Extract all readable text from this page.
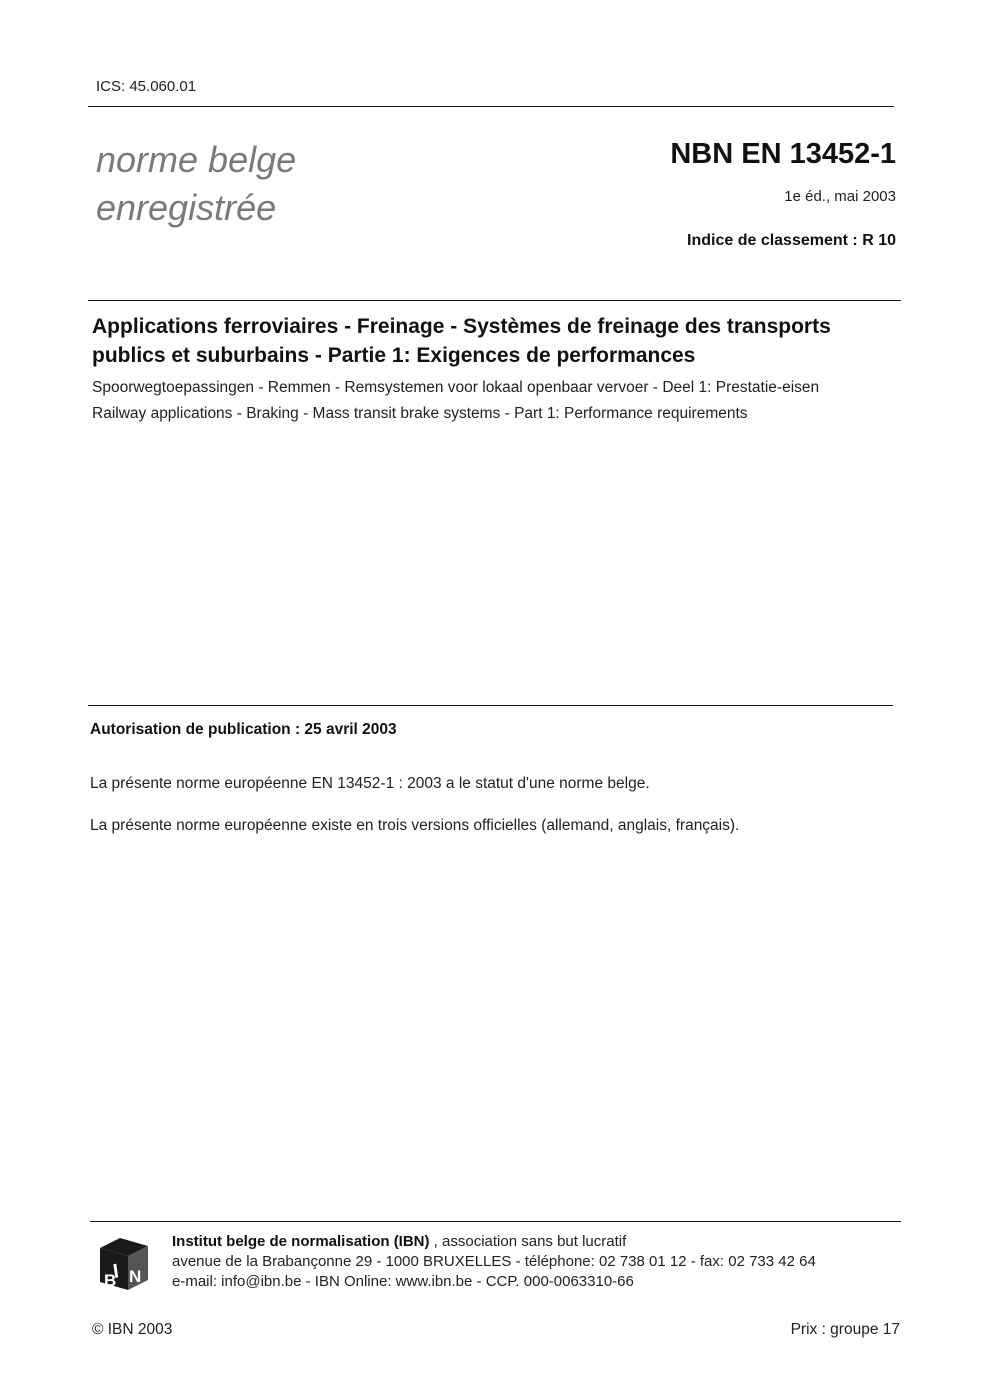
ICS: 45.060.01
norme belge
enregistrée
NBN EN 13452-1
1e éd., mai 2003
Indice de classement : R 10
Applications ferroviaires - Freinage - Systèmes de freinage des transports publics et suburbains - Partie 1: Exigences de performances
Spoorwegtoepassingen - Remmen - Remsystemen voor lokaal openbaar vervoer - Deel 1: Prestatie-eisen
Railway applications - Braking - Mass transit brake systems - Part 1: Performance requirements
Autorisation de publication : 25 avril 2003
La présente norme européenne EN 13452-1 : 2003 a le statut d'une norme belge.
La présente norme européenne existe en trois versions officielles (allemand, anglais, français).
I
B N
Institut belge de normalisation (IBN) , association sans but lucratif
avenue de la Brabançonne 29 - 1000 BRUXELLES - téléphone: 02 738 01 12 - fax: 02 733 42 64
e-mail: info@ibn.be - IBN Online: www.ibn.be - CCP. 000-0063310-66
© IBN 2003	Prix : groupe 17
